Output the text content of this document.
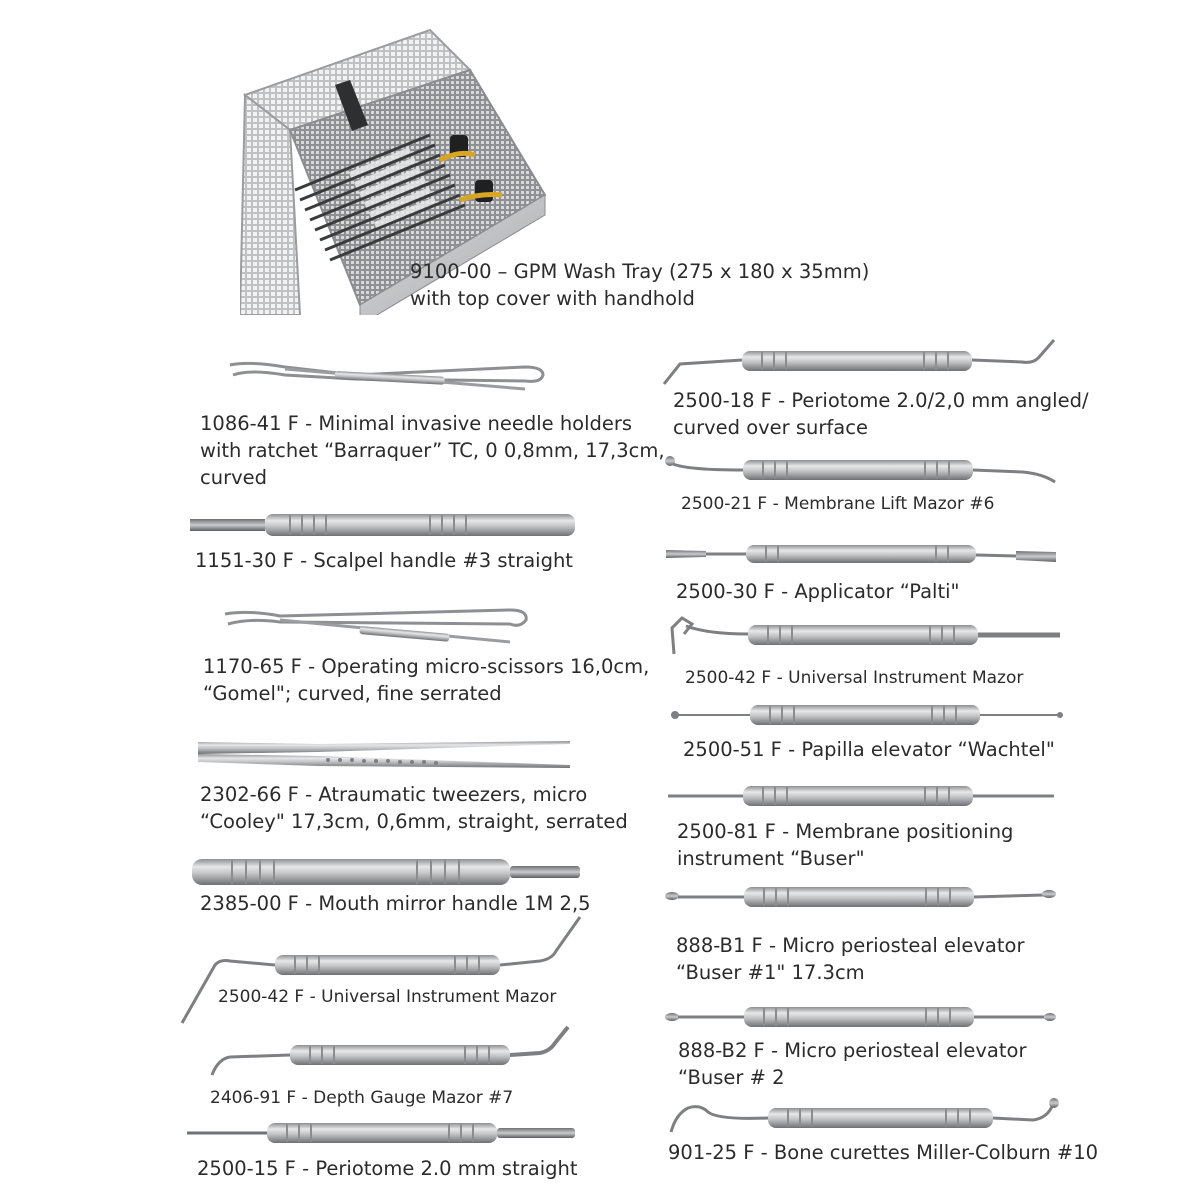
9100-00 – GPM Wash Tray (275 x 180 x 35mm)
with top cover with handhold
1086-41 F - Minimal invasive needle holders
with ratchet “Barraquer” TC, 0 0,8mm, 17,3cm,
curved
1151-30 F - Scalpel handle #3 straight
1170-65 F - Operating micro-scissors 16,0cm,
“Gomel"; curved, fine serrated
2302-66 F - Atraumatic tweezers, micro
“Cooley" 17,3cm, 0,6mm, straight, serrated
2385-00 F - Mouth mirror handle 1M 2,5
2500-42 F - Universal Instrument Mazor
2406-91 F - Depth Gauge Mazor #7
2500-15 F - Periotome 2.0 mm straight
2500-18 F - Periotome 2.0/2,0 mm angled/
curved over surface
2500-21 F - Membrane Lift Mazor #6
2500-30 F - Applicator “Palti"
2500-42 F - Universal Instrument Mazor
2500-51 F - Papilla elevator “Wachtel"
2500-81 F - Membrane positioning
instrument “Buser"
888-B1 F - Micro periosteal elevator
“Buser #1" 17.3cm
888-B2 F - Micro periosteal elevator
“Buser # 2
901-25 F - Bone curettes Miller-Colburn #10
